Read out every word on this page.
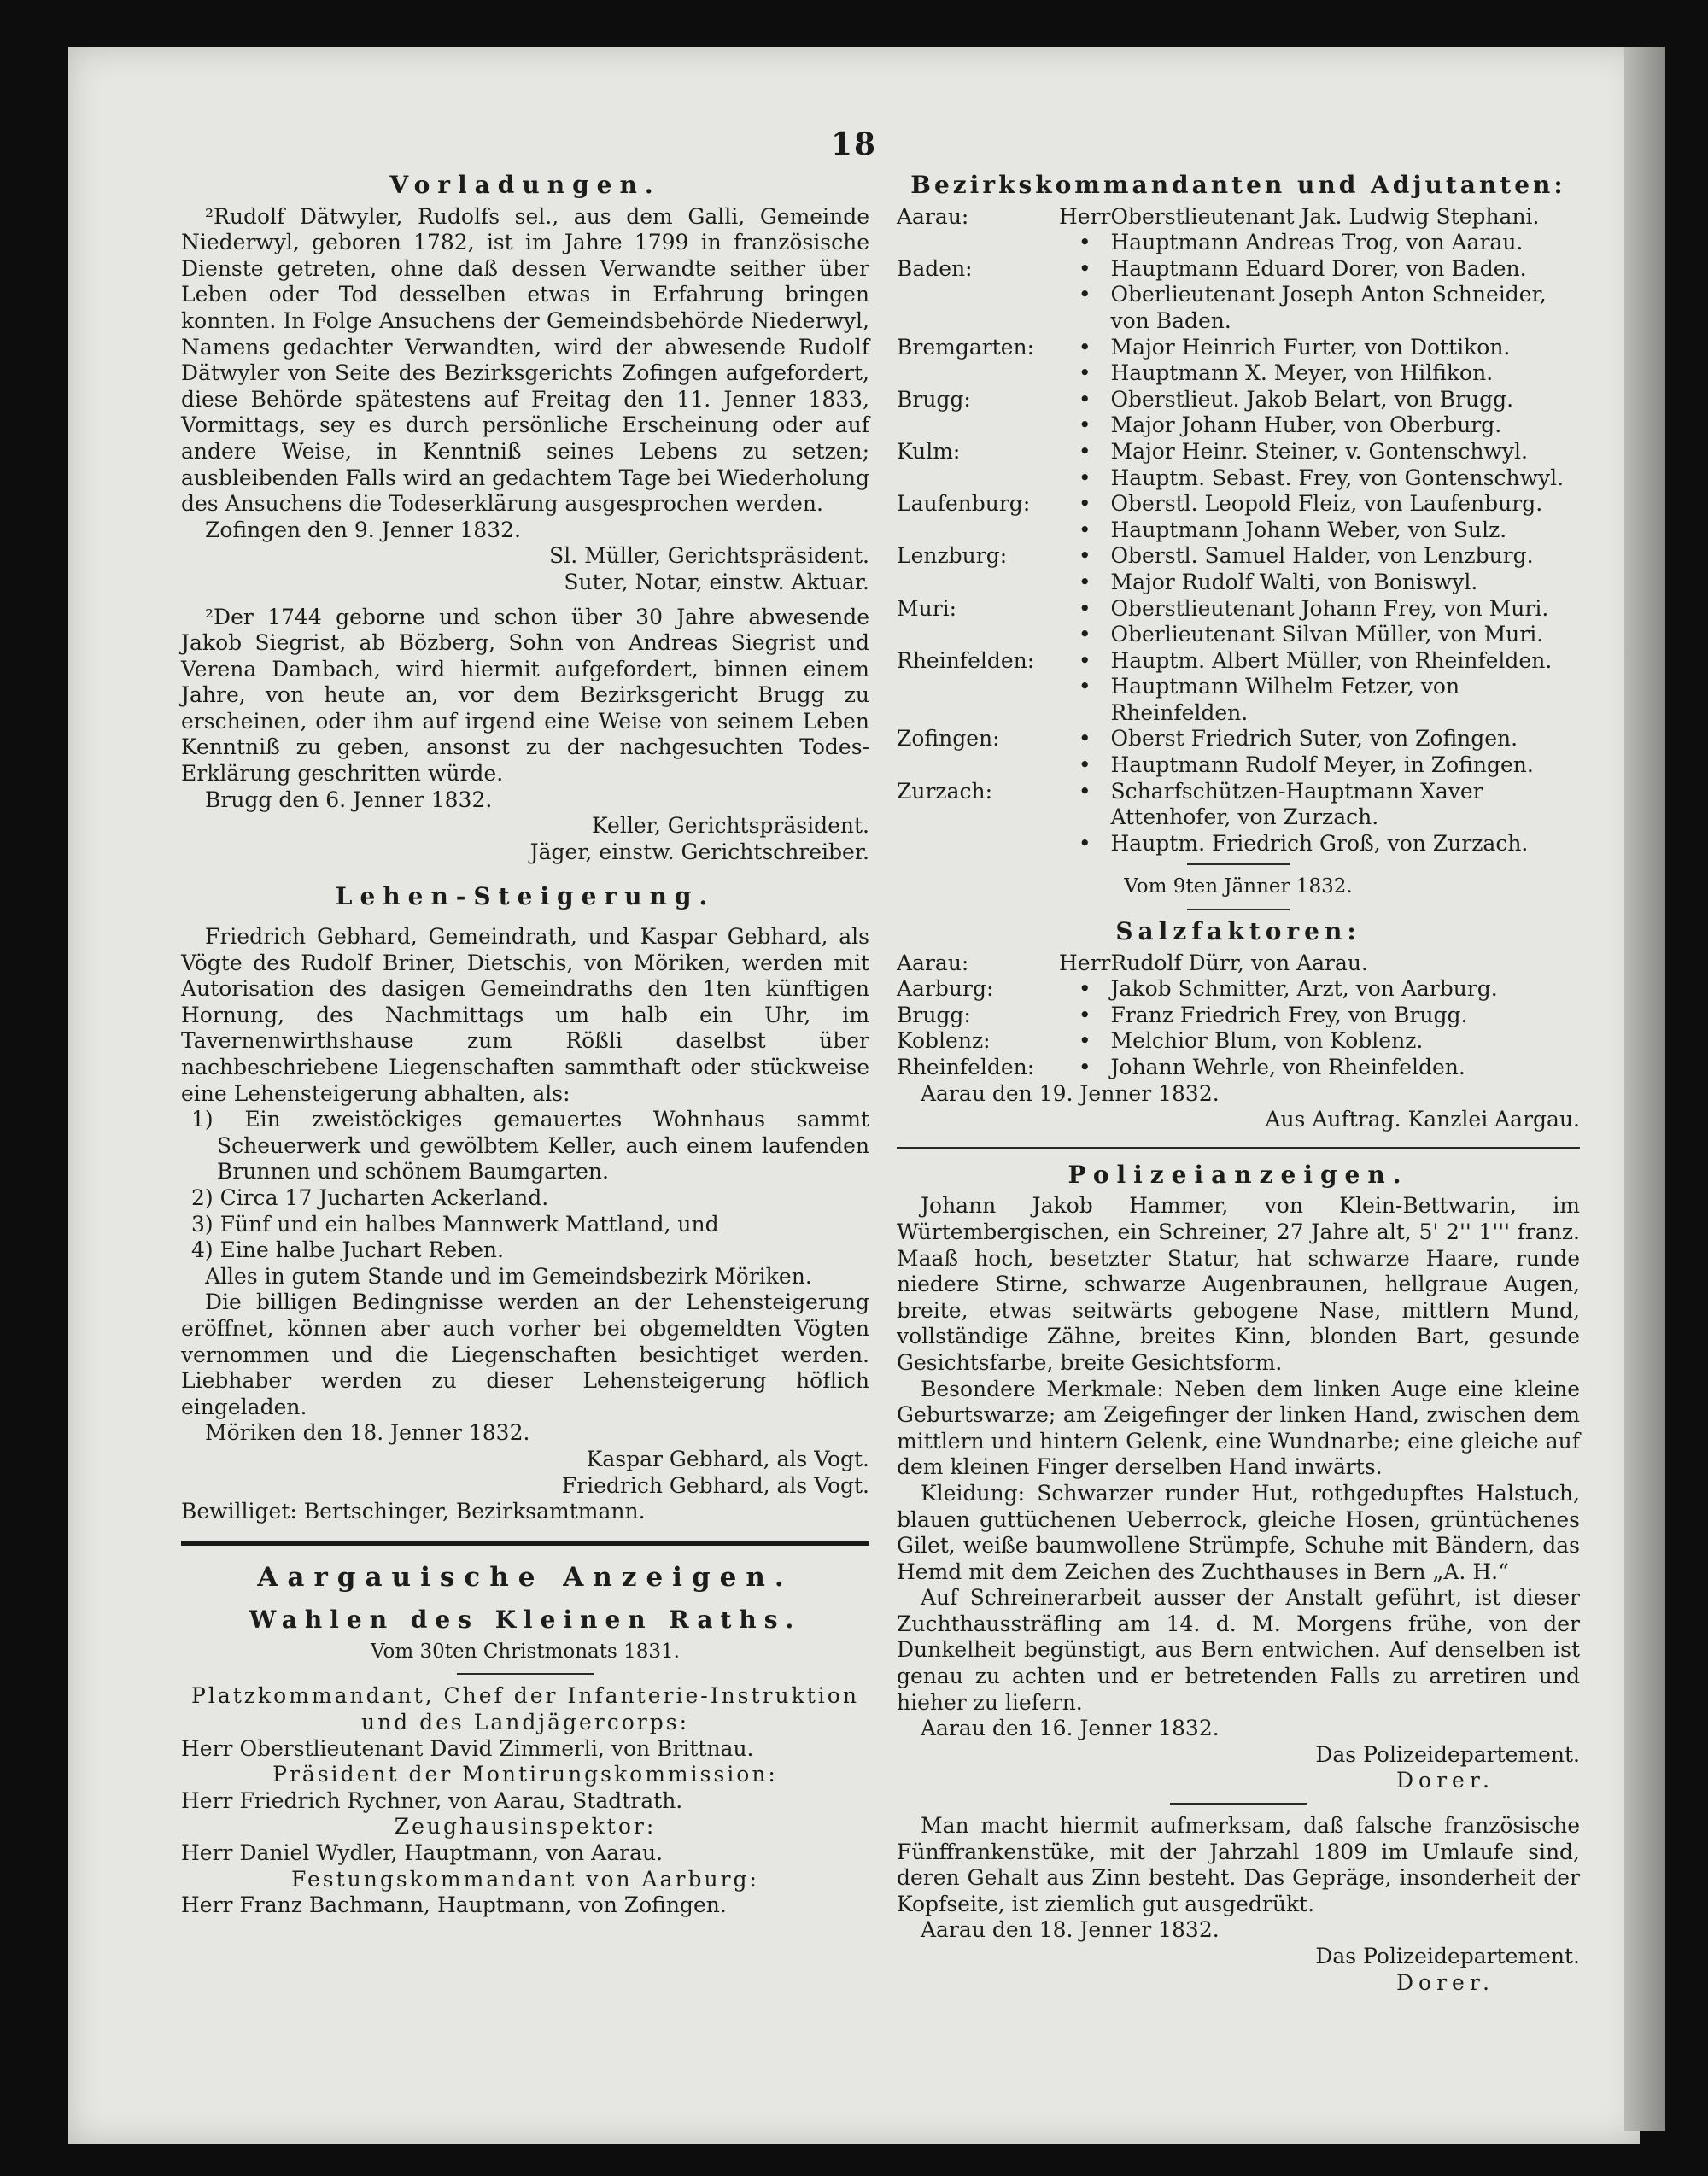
18
Vorladungen.

²Rudolf Dätwyler, Rudolfs sel., aus dem Galli, Gemeinde Niederwyl, geboren 1782, ist im Jahre 1799 in französische Dienste getreten, ohne daß dessen Verwandte seither über Leben oder Tod desselben etwas in Erfahrung bringen konnten. In Folge Ansuchens der Gemeindsbehörde Niederwyl, Namens gedachter Verwandten, wird der abwesende Rudolf Dätwyler von Seite des Bezirksgerichts Zofingen aufgefordert, diese Behörde spätestens auf Freitag den 11. Jenner 1833, Vormittags, sey es durch persönliche Erscheinung oder auf andere Weise, in Kenntniß seines Lebens zu setzen; ausbleibenden Falls wird an gedachtem Tage bei Wiederholung des Ansuchens die Todeserklärung ausgesprochen werden.

Zofingen den 9. Jenner 1832.

Sl. Müller, Gerichtspräsident.

Suter, Notar, einstw. Aktuar.

²Der 1744 geborne und schon über 30 Jahre abwesende Jakob Siegrist, ab Bözberg, Sohn von Andreas Siegrist und Verena Dambach, wird hiermit aufgefordert, binnen einem Jahre, von heute an, vor dem Bezirksgericht Brugg zu erscheinen, oder ihm auf irgend eine Weise von seinem Leben Kenntniß zu geben, ansonst zu der nachgesuchten Todes-Erklärung geschritten würde.

Brugg den 6. Jenner 1832.

Keller, Gerichtspräsident.

Jäger, einstw. Gerichtschreiber.

Lehen-Steigerung.

Friedrich Gebhard, Gemeindrath, und Kaspar Gebhard, als Vögte des Rudolf Briner, Dietschis, von Möriken, werden mit Autorisation des dasigen Gemeindraths den 1ten künftigen Hornung, des Nachmittags um halb ein Uhr, im Tavernenwirthshause zum Rößli daselbst über nachbeschriebene Liegenschaften sammthaft oder stückweise eine Lehensteigerung abhalten, als:

1) Ein zweistöckiges gemauertes Wohnhaus sammt Scheuerwerk und gewölbtem Keller, auch einem laufenden Brunnen und schönem Baumgarten.

2) Circa 17 Jucharten Ackerland.

3) Fünf und ein halbes Mannwerk Mattland, und

4) Eine halbe Juchart Reben.

Alles in gutem Stande und im Gemeindsbezirk Möriken.

Die billigen Bedingnisse werden an der Lehensteigerung eröffnet, können aber auch vorher bei obgemeldten Vögten vernommen und die Liegenschaften besichtiget werden. Liebhaber werden zu dieser Lehensteigerung höflich eingeladen.

Möriken den 18. Jenner 1832.

Kaspar Gebhard, als Vogt.

Friedrich Gebhard, als Vogt.

Bewilliget: Bertschinger, Bezirksamtmann.

Aargauische Anzeigen.
Wahlen des Kleinen Raths.

Vom 30ten Christmonats 1831.

Platzkommandant, Chef der Infanterie-Instruktion und des Landjägercorps:

Herr Oberstlieutenant David Zimmerli, von Brittnau.

Präsident der Montirungskommission:

Herr Friedrich Rychner, von Aarau, Stadtrath.

Zeughausinspektor:

Herr Daniel Wydler, Hauptmann, von Aarau.

Festungskommandant von Aarburg:

Herr Franz Bachmann, Hauptmann, von Zofingen.

Bezirkskommandanten und Adjutanten:
Aarau:	Herr	Oberstlieutenant Jak. Ludwig Stephani.
	•	Hauptmann Andreas Trog, von Aarau.
Baden:	•	Hauptmann Eduard Dorer, von Baden.
	•	Oberlieutenant Joseph Anton Schneider, von Baden.
Bremgarten:	•	Major Heinrich Furter, von Dottikon.
	•	Hauptmann X. Meyer, von Hilfikon.
Brugg:	•	Oberstlieut. Jakob Belart, von Brugg.
	•	Major Johann Huber, von Oberburg.
Kulm:	•	Major Heinr. Steiner, v. Gontenschwyl.
	•	Hauptm. Sebast. Frey, von Gontenschwyl.
Laufenburg:	•	Oberstl. Leopold Fleiz, von Laufenburg.
	•	Hauptmann Johann Weber, von Sulz.
Lenzburg:	•	Oberstl. Samuel Halder, von Lenzburg.
	•	Major Rudolf Walti, von Boniswyl.
Muri:	•	Oberstlieutenant Johann Frey, von Muri.
	•	Oberlieutenant Silvan Müller, von Muri.
Rheinfelden:	•	Hauptm. Albert Müller, von Rheinfelden.
	•	Hauptmann Wilhelm Fetzer, von Rheinfelden.
Zofingen:	•	Oberst Friedrich Suter, von Zofingen.
	•	Hauptmann Rudolf Meyer, in Zofingen.
Zurzach:	•	Scharfschützen-Hauptmann Xaver Attenhofer, von Zurzach.
	•	Hauptm. Friedrich Groß, von Zurzach.

Vom 9ten Jänner 1832.

Salzfaktoren:
Aarau:	Herr	Rudolf Dürr, von Aarau.
Aarburg:	•	Jakob Schmitter, Arzt, von Aarburg.
Brugg:	•	Franz Friedrich Frey, von Brugg.
Koblenz:	•	Melchior Blum, von Koblenz.
Rheinfelden:	•	Johann Wehrle, von Rheinfelden.

Aarau den 19. Jenner 1832.

Aus Auftrag. Kanzlei Aargau.

Polizeianzeigen.

Johann Jakob Hammer, von Klein-Bettwarin, im Würtembergischen, ein Schreiner, 27 Jahre alt, 5' 2'' 1''' franz. Maaß hoch, besetzter Statur, hat schwarze Haare, runde niedere Stirne, schwarze Augenbraunen, hellgraue Augen, breite, etwas seitwärts gebogene Nase, mittlern Mund, vollständige Zähne, breites Kinn, blonden Bart, gesunde Gesichtsfarbe, breite Gesichtsform.

Besondere Merkmale: Neben dem linken Auge eine kleine Geburtswarze; am Zeigefinger der linken Hand, zwischen dem mittlern und hintern Gelenk, eine Wundnarbe; eine gleiche auf dem kleinen Finger derselben Hand inwärts.

Kleidung: Schwarzer runder Hut, rothgedupftes Halstuch, blauen guttüchenen Ueberrock, gleiche Hosen, grüntüchenes Gilet, weiße baumwollene Strümpfe, Schuhe mit Bändern, das Hemd mit dem Zeichen des Zuchthauses in Bern „A. H.“

Auf Schreinerarbeit ausser der Anstalt geführt, ist dieser Zuchthaussträfling am 14. d. M. Morgens frühe, von der Dunkelheit begünstigt, aus Bern entwichen. Auf denselben ist genau zu achten und er betretenden Falls zu arretiren und hieher zu liefern.

Aarau den 16. Jenner 1832.

Das Polizeidepartement.

Dorer.

Man macht hiermit aufmerksam, daß falsche französische Fünffrankenstüke, mit der Jahrzahl 1809 im Umlaufe sind, deren Gehalt aus Zinn besteht. Das Gepräge, insonderheit der Kopfseite, ist ziemlich gut ausgedrükt.

Aarau den 18. Jenner 1832.

Das Polizeidepartement.

Dorer.
